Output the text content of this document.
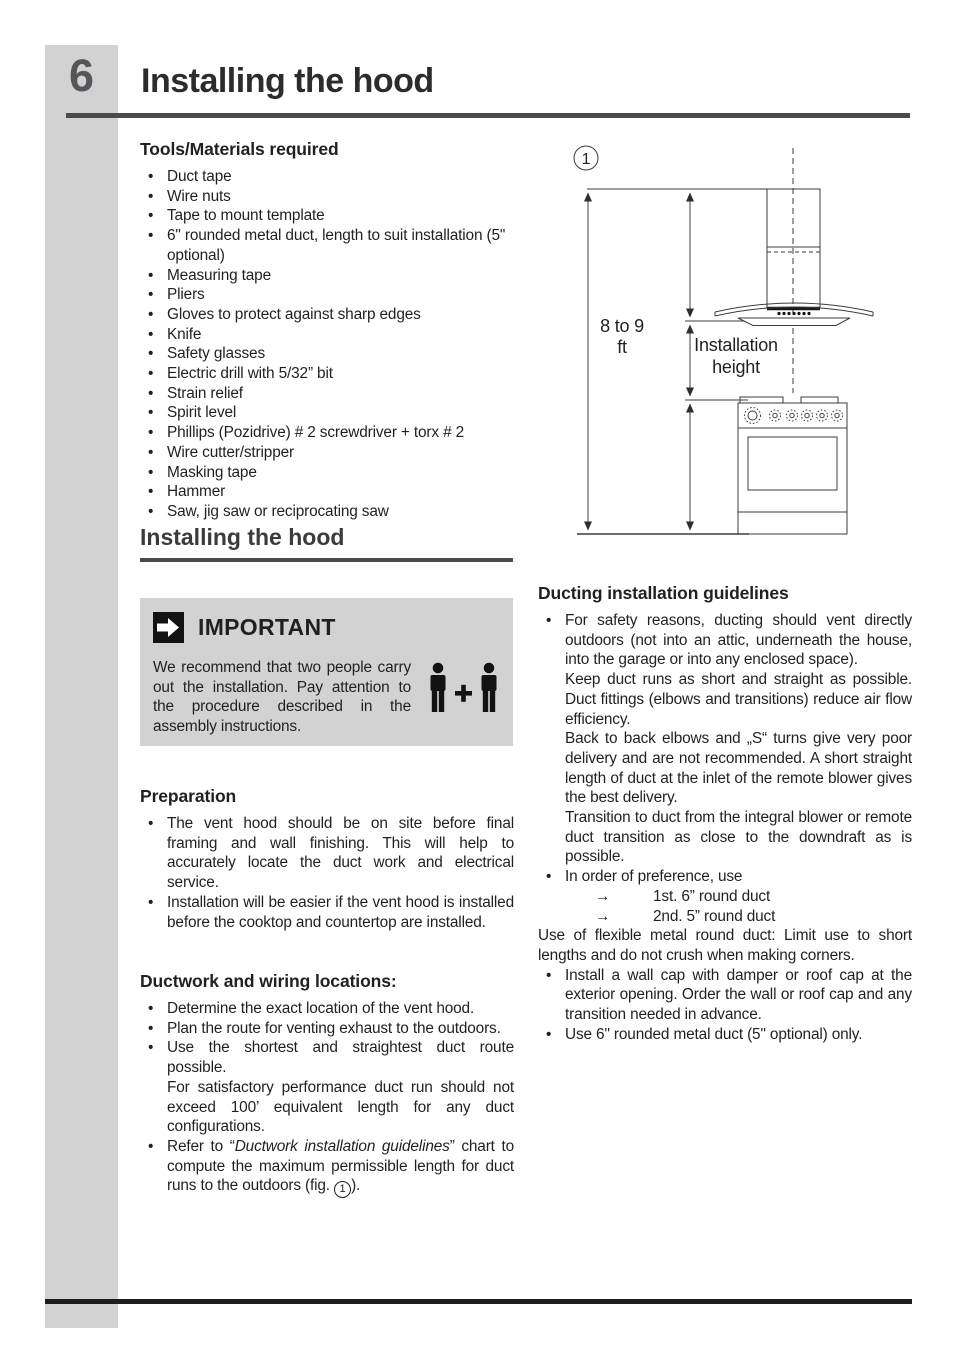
6	Installing the hood
Tools/Materials required
• Duct tape
• Wire nuts
• Tape to mount template
• 6" rounded metal duct, length to suit installation (5" optional)
• Measuring tape
• Pliers
• Gloves to protect against sharp edges
• Knife
• Safety glasses
• Electric drill with 5/32” bit
• Strain relief
• Spirit level
• Phillips (Pozidrive) # 2 screwdriver + torx # 2
• Wire cutter/stripper
• Masking tape
• Hammer
• Saw, jig saw or reciprocating saw
Installing the hood
IMPORTANT

We recommend that two people carry out the installation. Pay attention to the procedure described in the assembly instructions.

Preparation
• The vent hood should be on site before final framing and wall finishing. This will help to accurately locate the duct work and electrical service.
• Installation will be easier if the vent hood is installed before the cooktop and countertop are installed.
Ductwork and wiring locations:
• Determine the exact location of the vent hood.
• Plan the route for venting exhaust to the outdoors.
• Use the shortest and straightest duct route possible.

For satisfactory performance duct run should not exceed 100’ equivalent length for any duct configurations.

• Refer to “Ductwork installation guidelines” chart to compute the maximum permissible length for duct runs to the outdoors (fig. 1 ).

1
8 to 9
ft	Installation
height
Ducting installation guidelines
• For safety reasons, ducting should vent directly outdoors (not into an attic, underneath the house, into the garage or into any enclosed space).

Keep duct runs as short and straight as possible. Duct fittings (elbows and transitions) reduce air flow efficiency.

Back to back elbows and „S“ turns give very poor delivery and are not recommended. A short straight length of duct at the inlet of the remote blower gives the best delivery.

Transition to duct from the integral blower or remote duct transition as close to the downdraft as is possible.

• In order of preference, use

→	1st. 6” round duct
→	2nd. 5” round duct

Use of flexible metal round duct: Limit use to short lengths and do not crush when making corners.

• Install a wall cap with damper or roof cap at the exterior opening. Order the wall or roof cap and any transition needed in advance.
• Use 6" rounded metal duct (5" optional) only.
